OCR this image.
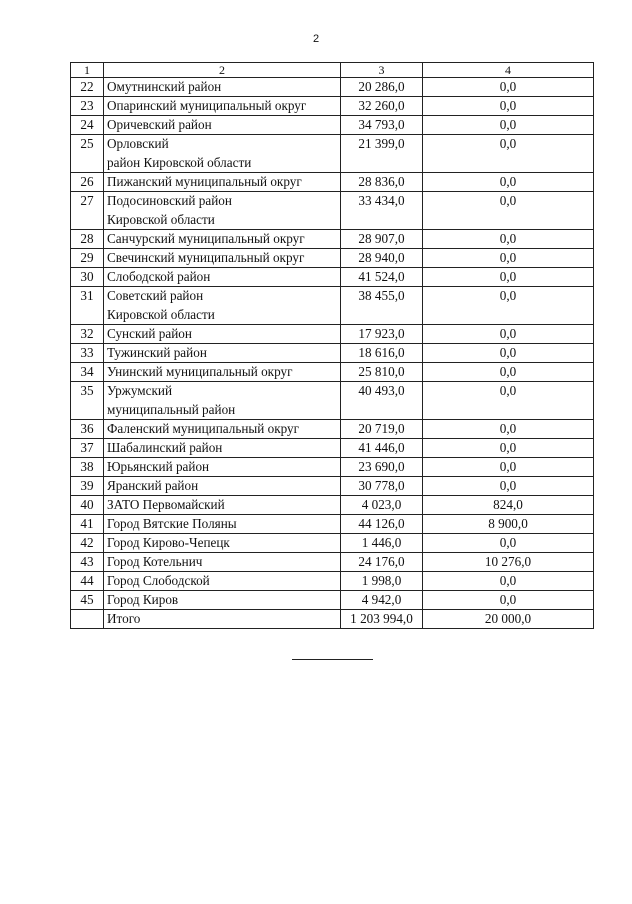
2
1	2	3	4
22	Омутнинский район	20 286,0	0,0
23	Опаринский муниципальный округ	32 260,0	0,0
24	Оричевский район	34 793,0	0,0
25	Орловский
район Кировской области	21 399,0	0,0
26	Пижанский муниципальный округ	28 836,0	0,0
27	Подосиновский район
Кировской области	33 434,0	0,0
28	Санчурский муниципальный округ	28 907,0	0,0
29	Свечинский муниципальный округ	28 940,0	0,0
30	Слободской район	41 524,0	0,0
31	Советский район
Кировской области	38 455,0	0,0
32	Сунский район	17 923,0	0,0
33	Тужинский район	18 616,0	0,0
34	Унинский муниципальный округ	25 810,0	0,0
35	Уржумский
муниципальный район	40 493,0	0,0
36	Фаленский муниципальный округ	20 719,0	0,0
37	Шабалинский район	41 446,0	0,0
38	Юрьянский район	23 690,0	0,0
39	Яранский район	30 778,0	0,0
40	ЗАТО Первомайский	4 023,0	824,0
41	Город Вятские Поляны	44 126,0	8 900,0
42	Город Кирово-Чепецк	1 446,0	0,0
43	Город Котельнич	24 176,0	10 276,0
44	Город Слободской	1 998,0	0,0
45	Город Киров	4 942,0	0,0
	Итого	1 203 994,0	20 000,0
